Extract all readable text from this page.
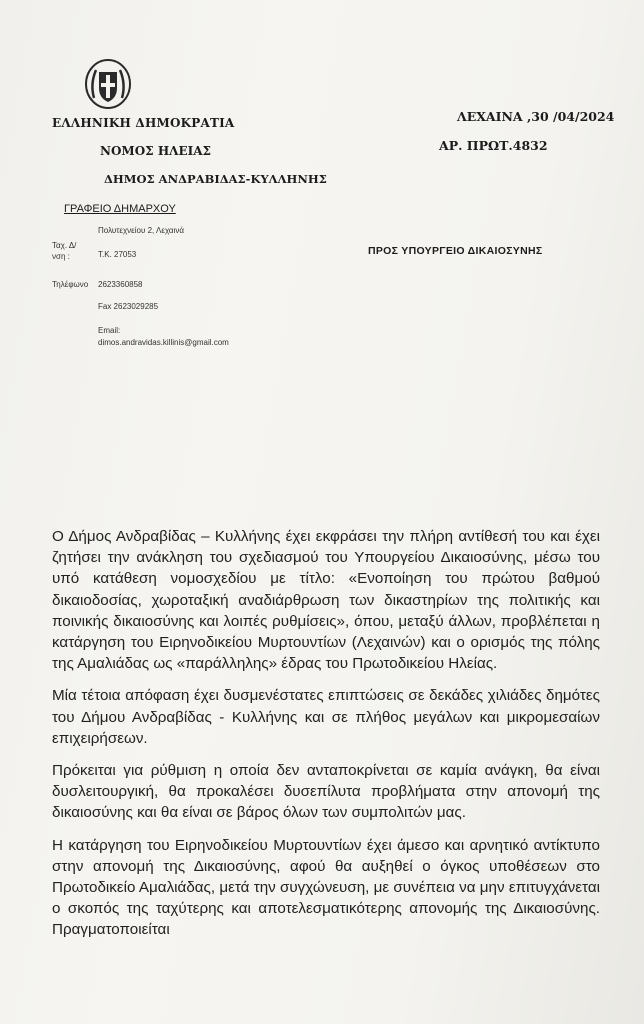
ΕΛΛΗΝΙΚΗ ΔΗΜΟΚΡΑΤΙΑ
ΝΟΜΟΣ ΗΛΕΙΑΣ
ΔΗΜΟΣ ΑΝΔΡΑΒΙΔΑΣ-ΚΥΛΛΗΝΗΣ
ΓΡΑΦΕΙΟ ΔΗΜΑΡΧΟΥ
Πολυτεχνείου 2, Λεχαινά
Ταχ. Δ/νση :	Τ.Κ. 27053
Τηλέφωνο 2623360858
Fax 2623029285
Email:
dimos.andravidas.killinis@gmail.com
ΛΕΧΑΙΝΑ ,30 /04/2024
ΑΡ. ΠΡΩΤ.4832
ΠΡΟΣ ΥΠΟΥΡΓΕΙΟ ΔΙΚΑΙΟΣΥΝΗΣ

Ο Δήμος Ανδραβίδας – Κυλλήνης έχει εκφράσει την πλήρη αντίθεσή του και έχει ζητήσει την ανάκληση του σχεδιασμού του Υπουργείου Δικαιοσύνης, μέσω του υπό κατάθεση νομοσχεδίου με τίτλο: «Ενοποίηση του πρώτου βαθμού δικαιοδοσίας, χωροταξική αναδιάρθρωση των δικαστηρίων της πολιτικής και ποινικής δικαιοσύνης και λοιπές ρυθμίσεις», όπου, μεταξύ άλλων, προβλέπεται η κατάργηση του Ειρηνοδικείου Μυρτουντίων (Λεχαινών) και ο ορισμός της πόλης της Αμαλιάδας ως «παράλληλης» έδρας του Πρωτοδικείου Ηλείας.

Μία τέτοια απόφαση έχει δυσμενέστατες επιπτώσεις σε δεκάδες χιλιάδες δημότες του Δήμου Ανδραβίδας - Κυλλήνης και σε πλήθος μεγάλων και μικρομεσαίων επιχειρήσεων.

Πρόκειται για ρύθμιση η οποία δεν ανταποκρίνεται σε καμία ανάγκη, θα είναι δυσλειτουργική, θα προκαλέσει δυσεπίλυτα προβλήματα στην απονομή της δικαιοσύνης και θα είναι σε βάρος όλων των συμπολιτών μας.

Η κατάργηση του Ειρηνοδικείου Μυρτουντίων έχει άμεσο και αρνητικό αντίκτυπο στην απονομή της Δικαιοσύνης, αφού θα αυξηθεί ο όγκος υποθέσεων στο Πρωτοδικείο Αμαλιάδας, μετά την συγχώνευση, με συνέπεια να μην επιτυγχάνεται ο σκοπός της ταχύτερης και αποτελεσματικότερης απονομής της Δικαιοσύνης. Πραγματοποιείται
